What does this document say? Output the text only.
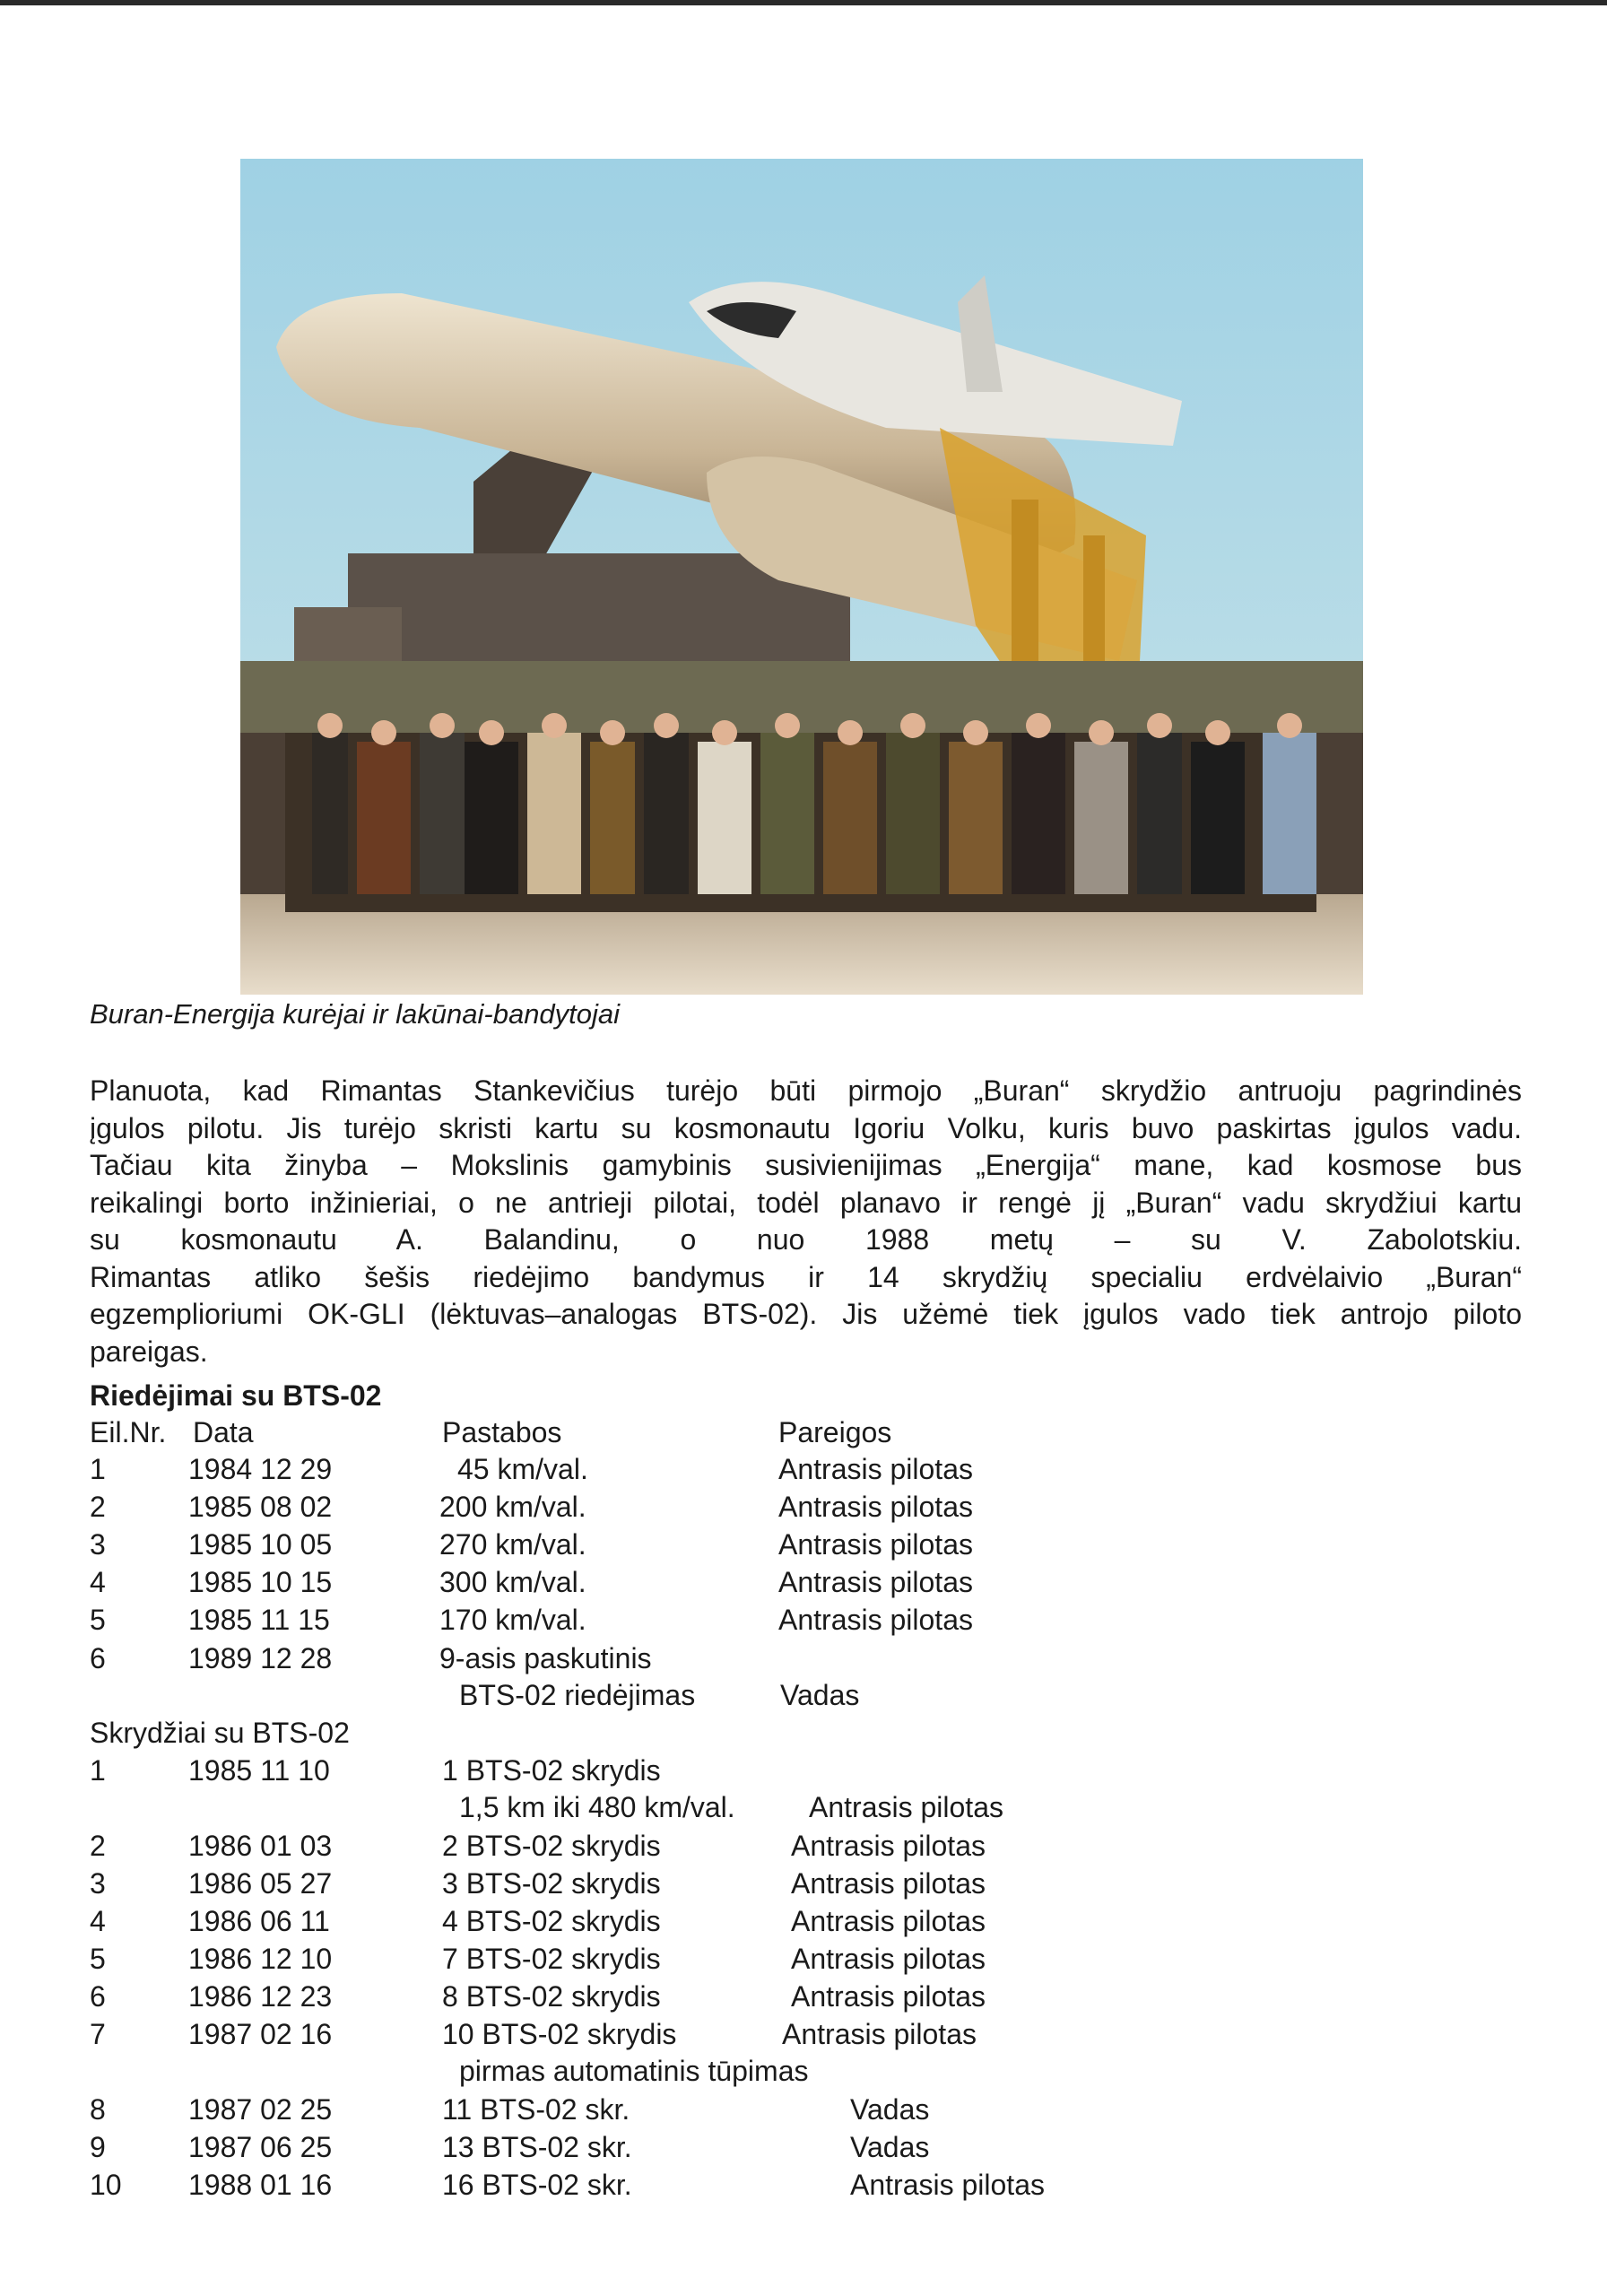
Buran-Energija kurėjai ir lakūnai-bandytojai
Planuota, kad Rimantas Stankevičius turėjo būti pirmojo „Buran“ skrydžio antruoju pagrindinės
įgulos pilotu. Jis turėjo skristi kartu su kosmonautu Igoriu Volku, kuris buvo paskirtas įgulos vadu.
Tačiau kita žinyba – Mokslinis gamybinis susivienijimas „Energija“ mane, kad kosmose bus
reikalingi borto inžinieriai, o ne antrieji pilotai, todėl planavo ir rengė jį „Buran“ vadu skrydžiui kartu
su kosmonautu A. Balandinu, o nuo 1988 metų – su V. Zabolotskiu.
Rimantas atliko šešis riedėjimo bandymus ir 14 skrydžių specialiu erdvėlaivio „Buran“
egzemplioriumi OK-GLI (lėktuvas–analogas BTS-02). Jis užėmė tiek įgulos vado tiek antrojo piloto
pareigas.
Riedėjimai su BTS-02
Eil.Nr. Data	Pastabos	Pareigos
1	1984 12 29	45 km/val.	Antrasis pilotas
2	1985 08 02	200 km/val.	Antrasis pilotas
3	1985 10 05	270 km/val.	Antrasis pilotas
4	1985 10 15	300 km/val.	Antrasis pilotas
5	1985 11 15	170 km/val.	Antrasis pilotas
6	1989 12 28	9-asis paskutinis
BTS-02 riedėjimas	Vadas
Skrydžiai su BTS-02
1	1985 11 10	1 BTS-02 skrydis
1,5 km iki 480 km/val.	Antrasis pilotas
2	1986 01 03	2 BTS-02 skrydis	Antrasis pilotas
3	1986 05 27	3 BTS-02 skrydis	Antrasis pilotas
4	1986 06 11	4 BTS-02 skrydis	Antrasis pilotas
5	1986 12 10	7 BTS-02 skrydis	Antrasis pilotas
6	1986 12 23	8 BTS-02 skrydis	Antrasis pilotas
7	1987 02 16	10 BTS-02 skrydis	Antrasis pilotas
pirmas automatinis tūpimas
8	1987 02 25	11 BTS-02 skr.	Vadas
9	1987 06 25	13 BTS-02 skr.	Vadas
10 1988 01 16	16 BTS-02 skr.	Antrasis pilotas
